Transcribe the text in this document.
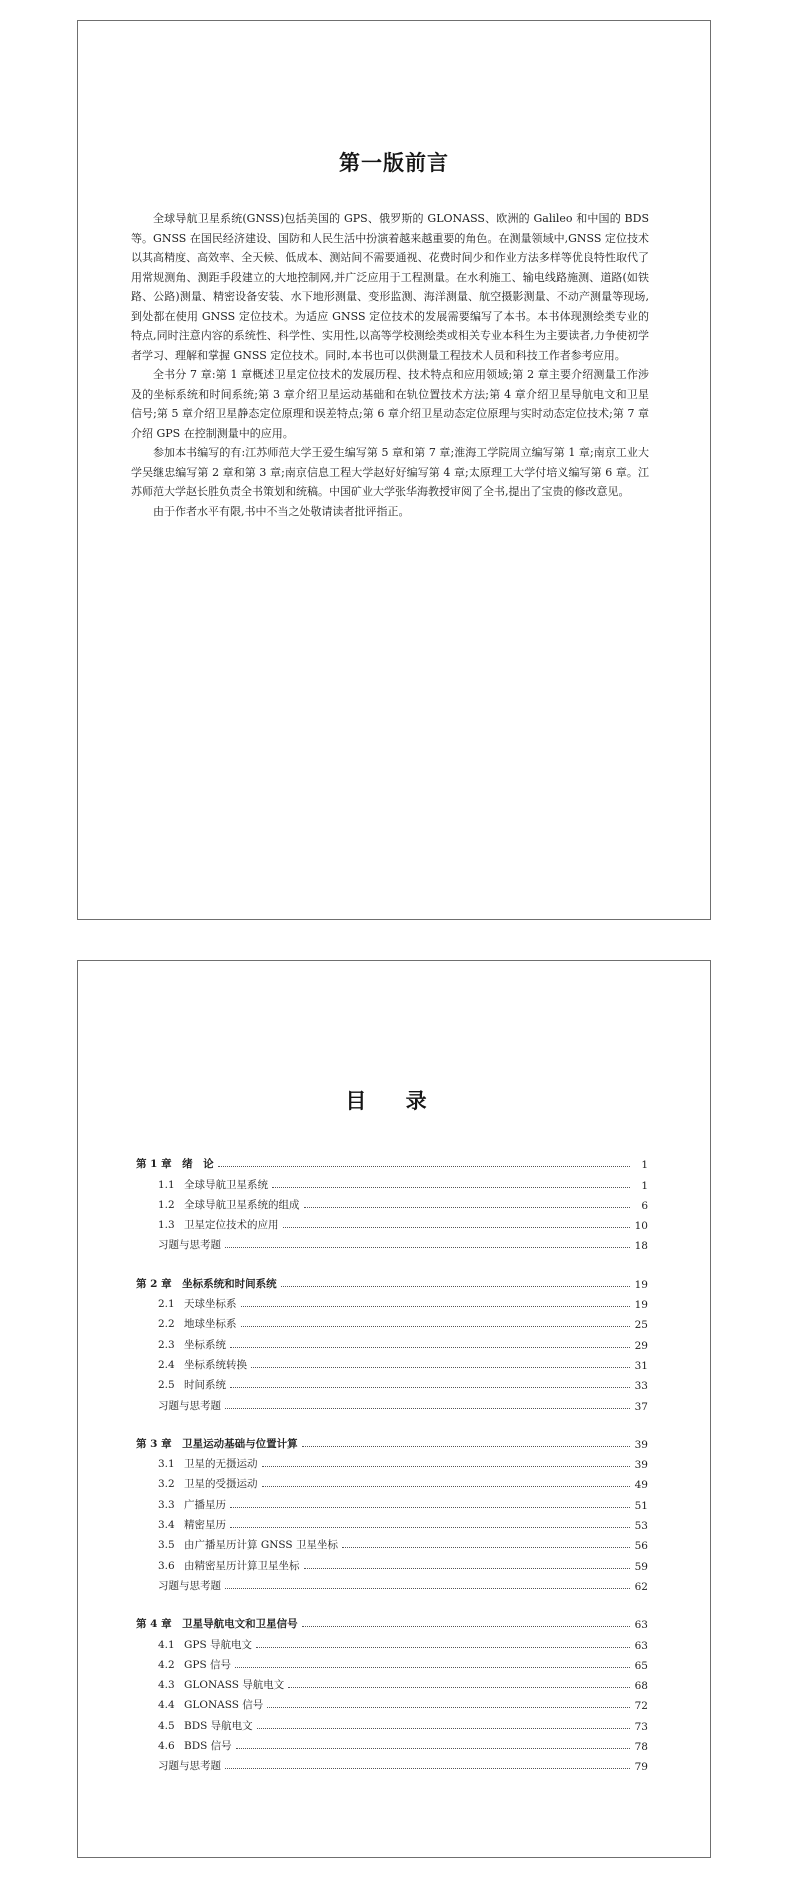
第一版前言

全球导航卫星系统(GNSS)包括美国的 GPS、俄罗斯的 GLONASS、欧洲的 Galileo 和中国的 BDS 等。GNSS 在国民经济建设、国防和人民生活中扮演着越来越重要的角色。在测量领域中,GNSS 定位技术以其高精度、高效率、全天候、低成本、测站间不需要通视、花费时间少和作业方法多样等优良特性取代了用常规测角、测距手段建立的大地控制网,并广泛应用于工程测量。在水利施工、输电线路施测、道路(如铁路、公路)测量、精密设备安装、水下地形测量、变形监测、海洋测量、航空摄影测量、不动产测量等现场,到处都在使用 GNSS 定位技术。为适应 GNSS 定位技术的发展需要编写了本书。本书体现测绘类专业的特点,同时注意内容的系统性、科学性、实用性,以高等学校测绘类或相关专业本科生为主要读者,力争使初学者学习、理解和掌握 GNSS 定位技术。同时,本书也可以供测量工程技术人员和科技工作者参考应用。

全书分 7 章:第 1 章概述卫星定位技术的发展历程、技术特点和应用领域;第 2 章主要介绍测量工作涉及的坐标系统和时间系统;第 3 章介绍卫星运动基础和在轨位置技术方法;第 4 章介绍卫星导航电文和卫星信号;第 5 章介绍卫星静态定位原理和误差特点;第 6 章介绍卫星动态定位原理与实时动态定位技术;第 7 章介绍 GPS 在控制测量中的应用。

参加本书编写的有:江苏师范大学王爱生编写第 5 章和第 7 章;淮海工学院周立编写第 1 章;南京工业大学吴继忠编写第 2 章和第 3 章;南京信息工程大学赵好好编写第 4 章;太原理工大学付培义编写第 6 章。江苏师范大学赵长胜负责全书策划和统稿。中国矿业大学张华海教授审阅了全书,提出了宝贵的修改意见。

由于作者水平有限,书中不当之处敬请读者批评指正。

目 录
第 1 章　绪　论	1
1.1 全球导航卫星系统	1
1.2 全球导航卫星系统的组成	6
1.3 卫星定位技术的应用	10
习题与思考题	18
第 2 章　坐标系统和时间系统	19
2.1 天球坐标系	19
2.2 地球坐标系	25
2.3 坐标系统	29
2.4 坐标系统转换	31
2.5 时间系统	33
习题与思考题	37
第 3 章　卫星运动基础与位置计算	39
3.1 卫星的无摄运动	39
3.2 卫星的受摄运动	49
3.3 广播星历	51
3.4 精密星历	53
3.5 由广播星历计算 GNSS 卫星坐标	56
3.6 由精密星历计算卫星坐标	59
习题与思考题	62
第 4 章　卫星导航电文和卫星信号	63
4.1 GPS 导航电文	63
4.2 GPS 信号	65
4.3 GLONASS 导航电文	68
4.4 GLONASS 信号	72
4.5 BDS 导航电文	73
4.6 BDS 信号	78
习题与思考题	79
